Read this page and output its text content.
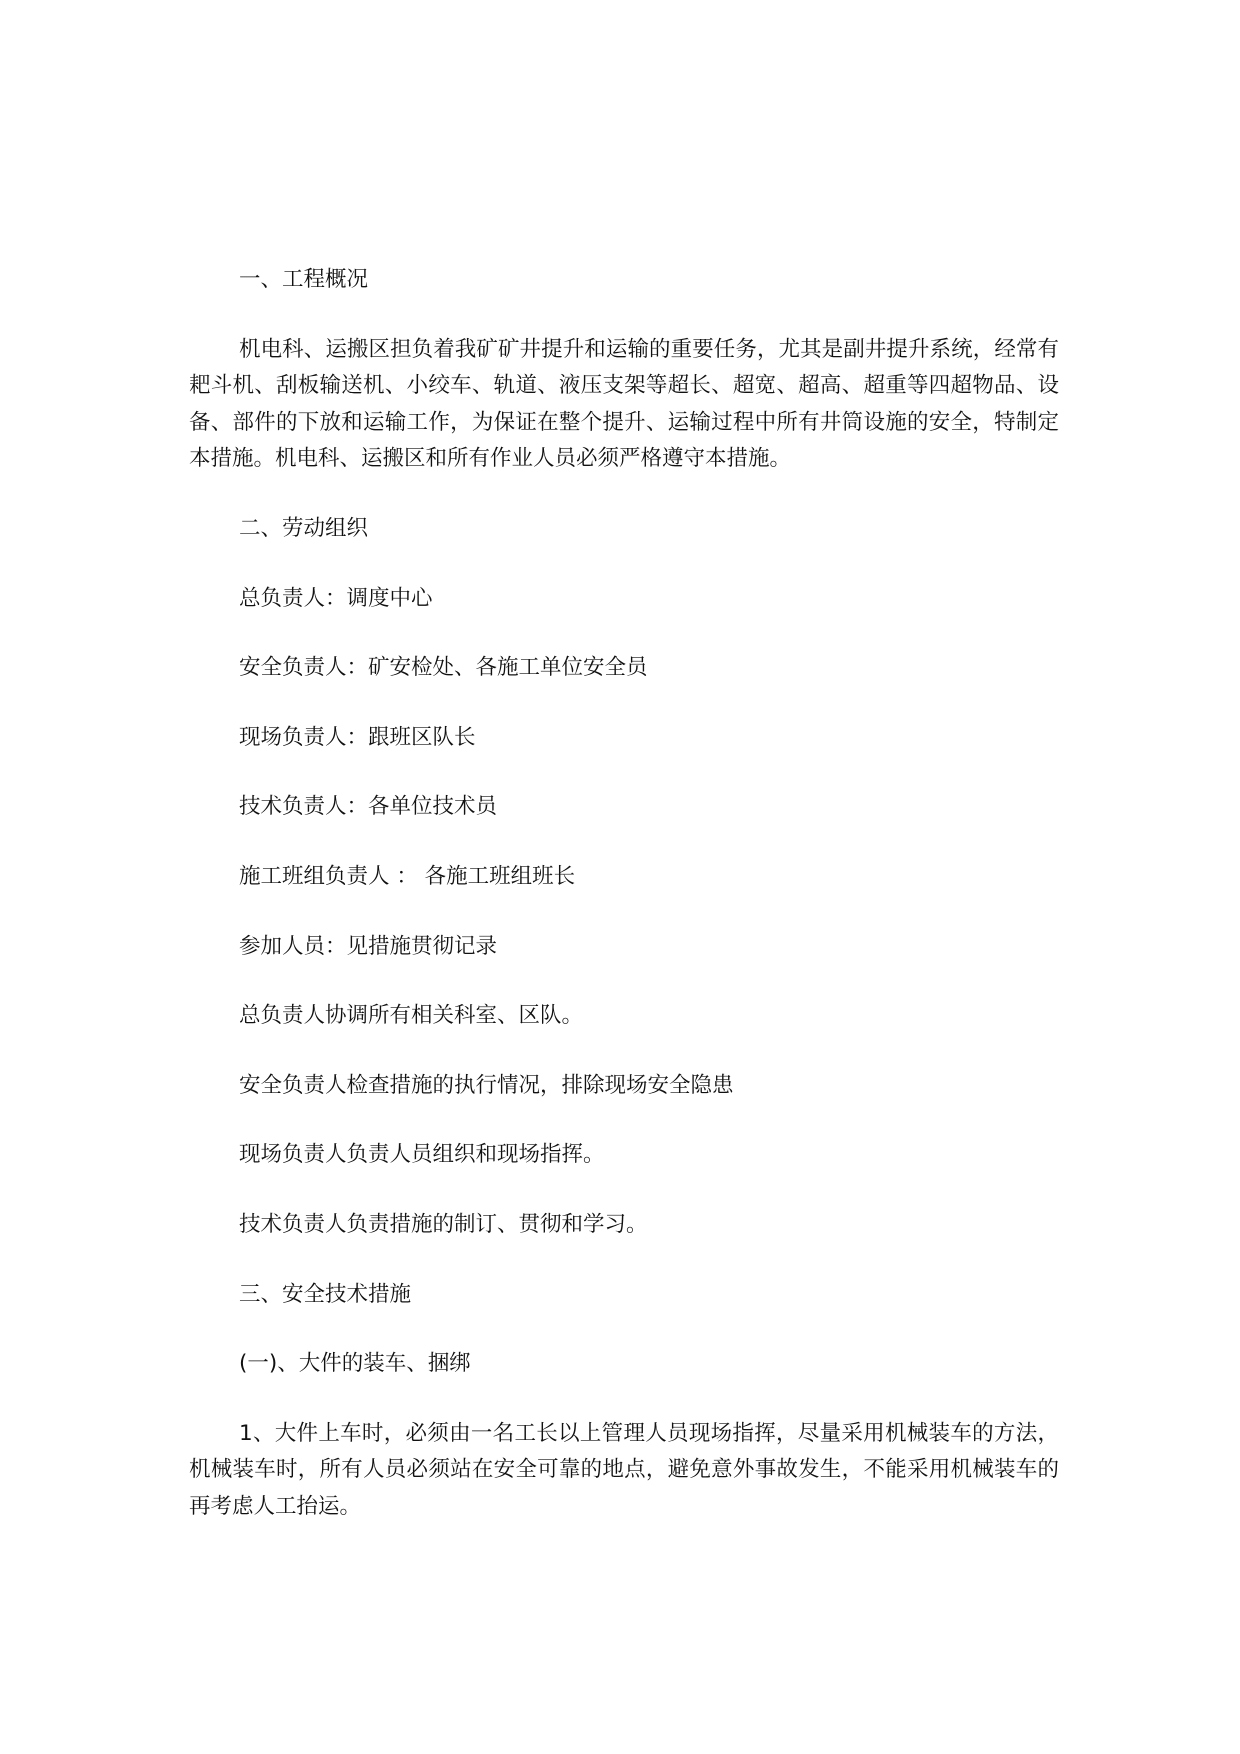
一、工程概况

机电科、运搬区担负着我矿矿井提升和运输的重要任务，尤其是副井提升系统，经常有耙斗机、刮板输送机、小绞车、轨道、液压支架等超长、超宽、超高、超重等四超物品、设备、部件的下放和运输工作，为保证在整个提升、运输过程中所有井筒设施的安全，特制定本措施。机电科、运搬区和所有作业人员必须严格遵守本措施。

二、劳动组织

总负责人：调度中心

安全负责人：矿安检处、各施工单位安全员

现场负责人：跟班区队长

技术负责人：各单位技术员

施工班组负责人 ： 各施工班组班长

参加人员：见措施贯彻记录

总负责人协调所有相关科室、区队。

安全负责人检查措施的执行情况，排除现场安全隐患

现场负责人负责人员组织和现场指挥。

技术负责人负责措施的制订、贯彻和学习。

三、安全技术措施

(一)、大件的装车、捆绑

1、大件上车时，必须由一名工长以上管理人员现场指挥，尽量采用机械装车的方法，机械装车时，所有人员必须站在安全可靠的地点，避免意外事故发生，不能采用机械装车的再考虑人工抬运。
